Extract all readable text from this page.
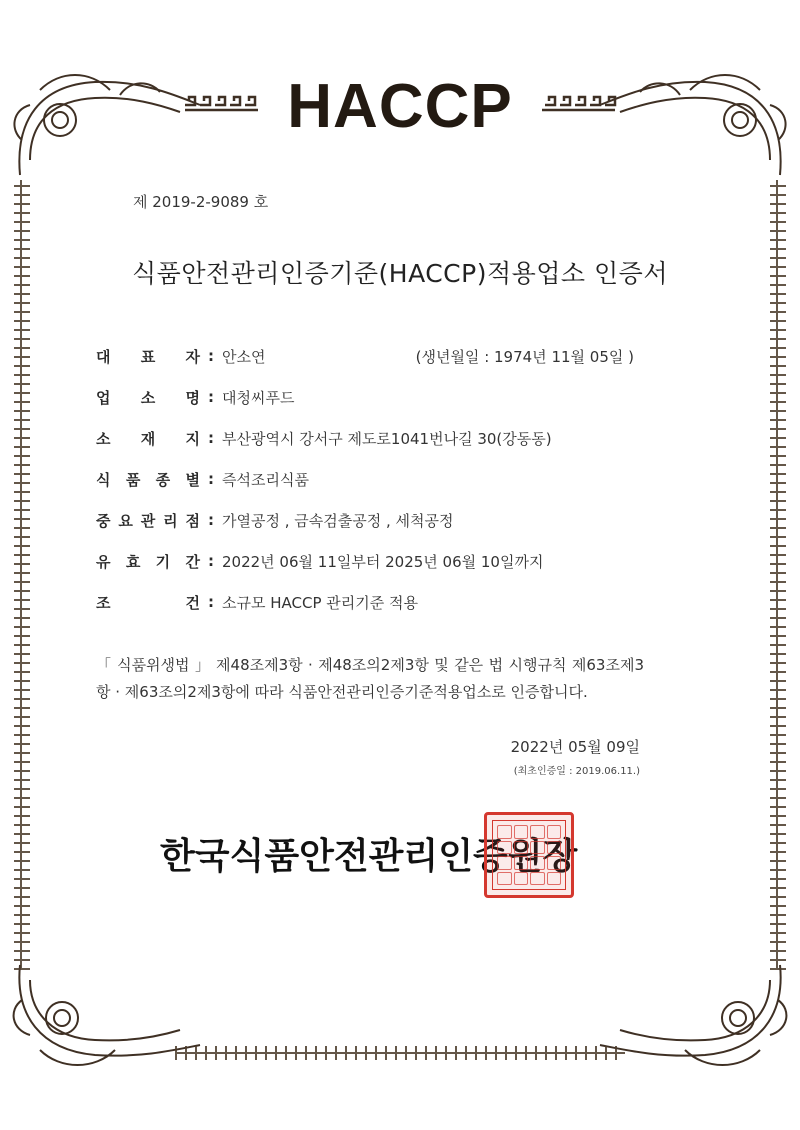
HACCP
제 2019-2-9089 호
식품안전관리인증기준(HACCP)적용업소 인증서
대 표 자 : 안소연	(생년월일 : 1974년 11월 05일 )
업 소 명 : 대청씨푸드
소 재 지 : 부산광역시 강서구 제도로1041번나길 30(강동동)
식 품 종 별 : 즉석조리식품
중 요 관 리 점 : 가열공정 , 금속검출공정 , 세척공정
유 효 기 간 : 2022년 06월 11일부터 2025년 06월 10일까지
조	건 : 소규모 HACCP 관리기준 적용
「 식품위생법 」 제48조제3항 · 제48조의2제3항 및 같은 법 시행규칙 제63조제3항 · 제63조의2제3항에 따라 식품안전관리인증기준적용업소로 인증합니다.
2022년 05월 09일
(최초인증일 : 2019.06.11.)
한국식품안전관리인증원장
